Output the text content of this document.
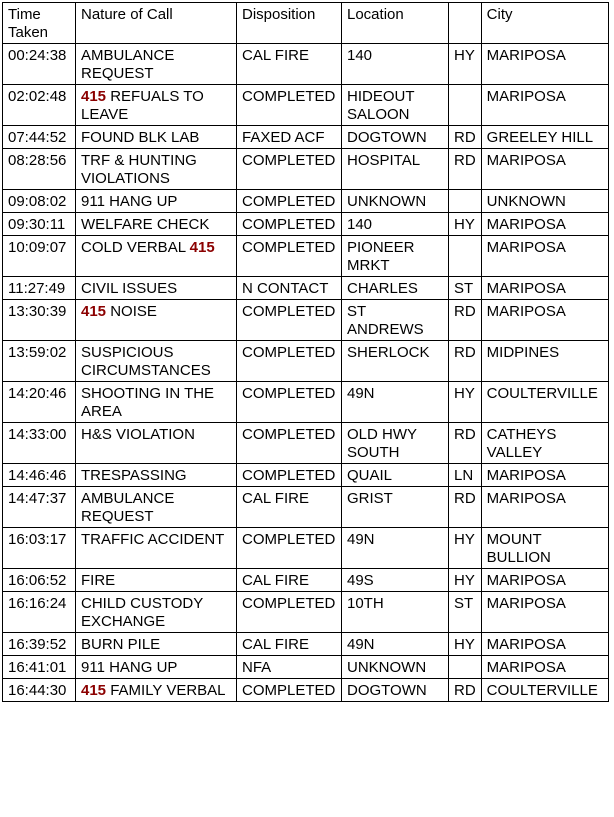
Time Taken	Nature of Call	Disposition	Location		City
00:24:38	AMBULANCE REQUEST	CAL FIRE	140	HY	MARIPOSA
02:02:48	415 REFUALS TO LEAVE	COMPLETED	HIDEOUT SALOON		MARIPOSA
07:44:52	FOUND BLK LAB	FAXED ACF	DOGTOWN	RD	GREELEY HILL
08:28:56	TRF & HUNTING VIOLATIONS	COMPLETED	HOSPITAL	RD	MARIPOSA
09:08:02	911 HANG UP	COMPLETED	UNKNOWN		UNKNOWN
09:30:11	WELFARE CHECK	COMPLETED	140	HY	MARIPOSA
10:09:07	COLD VERBAL 415	COMPLETED	PIONEER MRKT		MARIPOSA
11:27:49	CIVIL ISSUES	N CONTACT	CHARLES	ST	MARIPOSA
13:30:39	415 NOISE	COMPLETED	ST ANDREWS	RD	MARIPOSA
13:59:02	SUSPICIOUS CIRCUMSTANCES	COMPLETED	SHERLOCK	RD	MIDPINES
14:20:46	SHOOTING IN THE AREA	COMPLETED	49N	HY	COULTERVILLE
14:33:00	H&S VIOLATION	COMPLETED	OLD HWY SOUTH	RD	CATHEYS VALLEY
14:46:46	TRESPASSING	COMPLETED	QUAIL	LN	MARIPOSA
14:47:37	AMBULANCE REQUEST	CAL FIRE	GRIST	RD	MARIPOSA
16:03:17	TRAFFIC ACCIDENT	COMPLETED	49N	HY	MOUNT BULLION
16:06:52	FIRE	CAL FIRE	49S	HY	MARIPOSA
16:16:24	CHILD CUSTODY EXCHANGE	COMPLETED	10TH	ST	MARIPOSA
16:39:52	BURN PILE	CAL FIRE	49N	HY	MARIPOSA
16:41:01	911 HANG UP	NFA	UNKNOWN		MARIPOSA
16:44:30	415 FAMILY VERBAL	COMPLETED	DOGTOWN	RD	COULTERVILLE
